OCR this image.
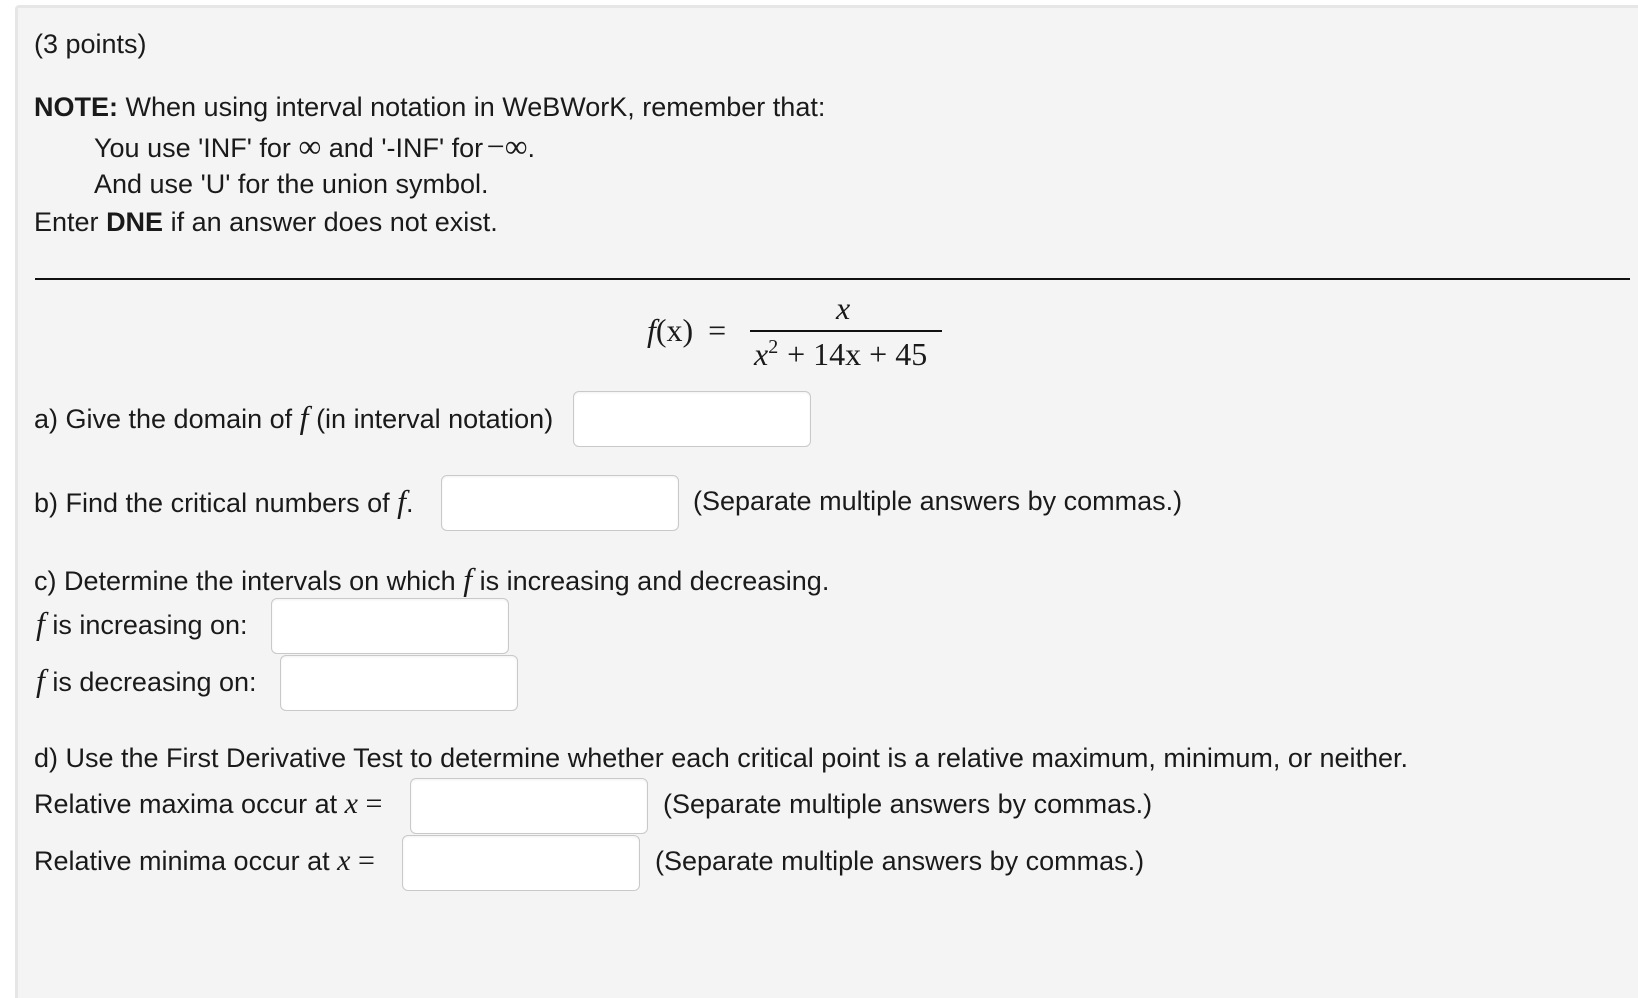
(3 points)
NOTE: When using interval notation in WeBWorK, remember that:
You use 'INF' for ∞ and '-INF' for −∞.
And use 'U' for the union symbol.
Enter DNE if an answer does not exist.
f(x) =
x
$x^2 + 14x + 45$
a) Give the domain of f (in interval notation)
b) Find the critical numbers of f.	(Separate multiple answers by commas.)
c) Determine the intervals on which f is increasing and decreasing.
f is increasing on:
f is decreasing on:
d) Use the First Derivative Test to determine whether each critical point is a relative maximum, minimum, or neither.
Relative maxima occur at x =	(Separate multiple answers by commas.)
Relative minima occur at x =	(Separate multiple answers by commas.)
